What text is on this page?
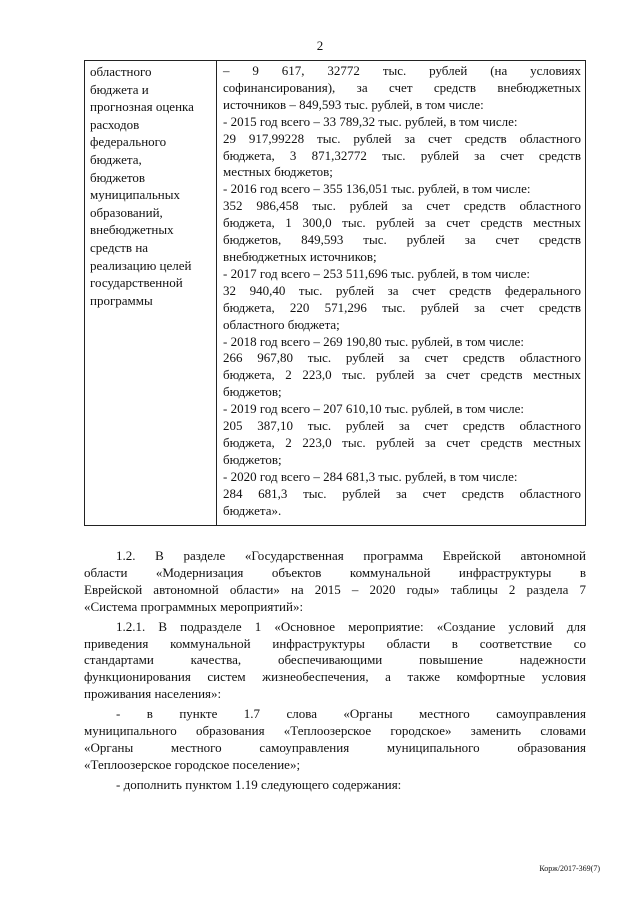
2
областного
бюджета и
прогнозная оценка
расходов
федерального
бюджета,
бюджетов
муниципальных
образований,
внебюджетных
средств на
реализацию целей
государственной
программы
– 9 617, 32772 тыс. рублей (на условиях
софинансирования), за счет средств внебюджетных
источников – 849,593 тыс. рублей, в том числе:
- 2015 год всего – 33 789,32 тыс. рублей, в том числе:
29 917,99228 тыс. рублей за счет средств областного
бюджета, 3 871,32772 тыс. рублей за счет средств
местных бюджетов;
- 2016 год всего – 355 136,051 тыс. рублей, в том числе:
352 986,458 тыс. рублей за счет средств областного
бюджета, 1 300,0 тыс. рублей за счет средств местных
бюджетов, 849,593 тыс. рублей за счет средств
внебюджетных источников;
- 2017 год всего – 253 511,696 тыс. рублей, в том числе:
32 940,40 тыс. рублей за счет средств федерального
бюджета, 220 571,296 тыс. рублей за счет средств
областного бюджета;
- 2018 год всего – 269 190,80 тыс. рублей, в том числе:
266 967,80 тыс. рублей за счет средств областного
бюджета, 2 223,0 тыс. рублей за счет средств местных
бюджетов;
- 2019 год всего – 207 610,10 тыс. рублей, в том числе:
205 387,10 тыс. рублей за счет средств областного
бюджета, 2 223,0 тыс. рублей за счет средств местных
бюджетов;
- 2020 год всего – 284 681,3 тыс. рублей, в том числе:
284 681,3 тыс. рублей за счет средств областного
бюджета».
1.2. В разделе «Государственная программа Еврейской автономной
области «Модернизация объектов коммунальной инфраструктуры в
Еврейской автономной области» на 2015 – 2020 годы» таблицы 2 раздела 7
«Система программных мероприятий»:
1.2.1. В подразделе 1 «Основное мероприятие: «Создание условий для
приведения коммунальной инфраструктуры области в соответствие со
стандартами качества, обеспечивающими повышение надежности
функционирования систем жизнеобеспечения, а также комфортные условия
проживания населения»:
- в пункте 1.7 слова «Органы местного самоуправления
муниципального образования «Теплоозерское городское» заменить словами
«Органы местного самоуправления муниципального образования
«Теплоозерское городское поселение»;
- дополнить пунктом 1.19 следующего содержания:
Корж/2017-369(7)
